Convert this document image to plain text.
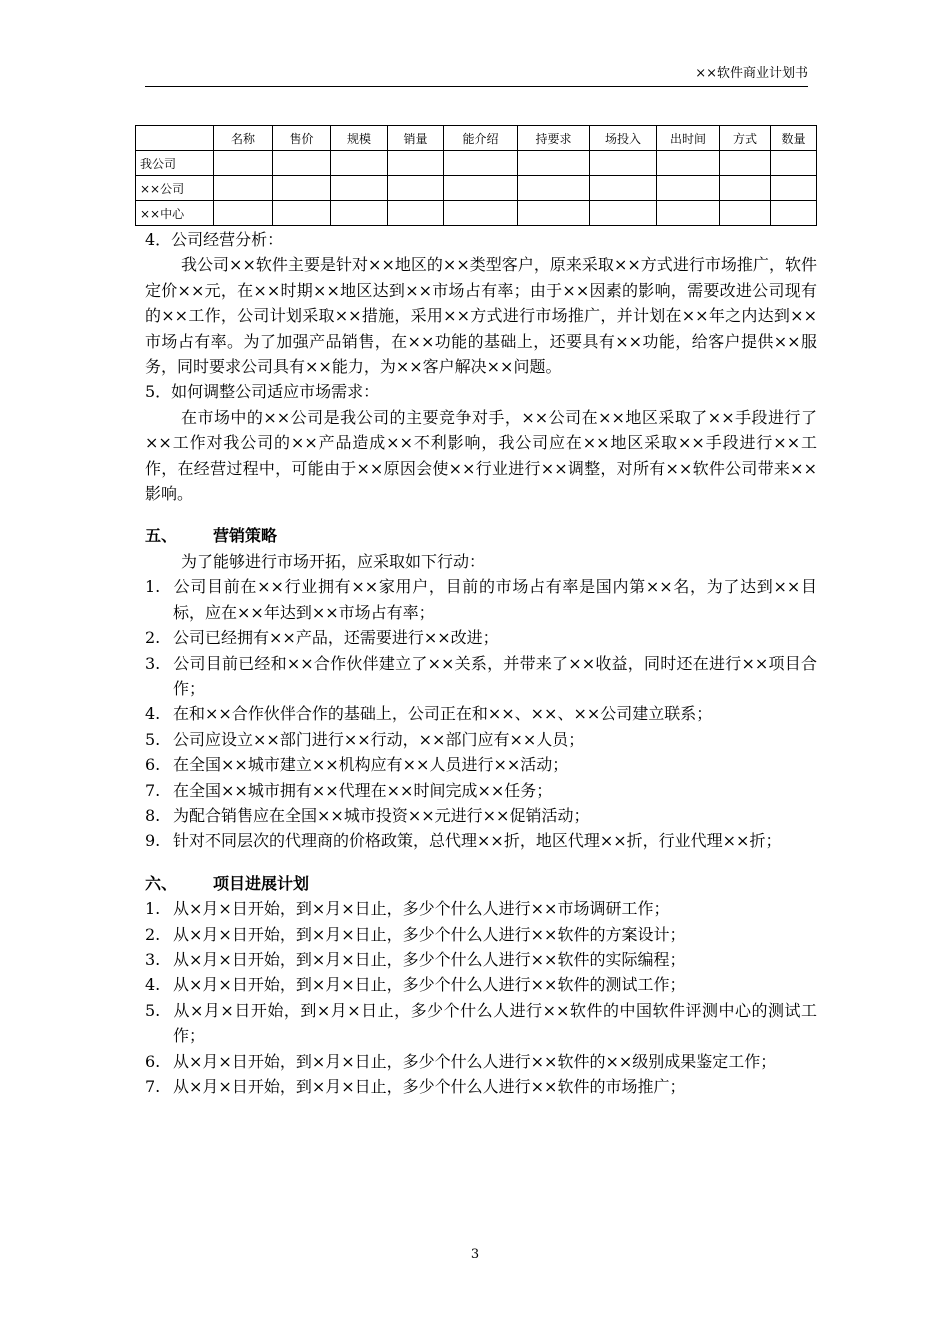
××软件商业计划书
	名称	售价	规模	销量	能介绍	持要求	场投入	出时间	方式	数量
我公司										
××公司										
××中心										

4．公司经营分析：

我公司××软件主要是针对××地区的××类型客户，原来采取××方式进行市场推广，软件定价××元，在××时期××地区达到××市场占有率；由于××因素的影响，需要改进公司现有的××工作，公司计划采取××措施，采用××方式进行市场推广，并计划在××年之内达到××市场占有率。为了加强产品销售，在××功能的基础上，还要具有××功能，给客户提供××服务，同时要求公司具有××能力，为××客户解决××问题。

5．如何调整公司适应市场需求：

在市场中的××公司是我公司的主要竞争对手，××公司在××地区采取了××手段进行了××工作对我公司的××产品造成××不利影响，我公司应在××地区采取××手段进行××工作，在经营过程中，可能由于××原因会使××行业进行××调整，对所有××软件公司带来××影响。

五、 营销策略

为了能够进行市场开拓，应采取如下行动：

1. 公司目前在××行业拥有××家用户，目前的市场占有率是国内第××名，为了达到××目标，应在××年达到××市场占有率；

2. 公司已经拥有××产品，还需要进行××改进；

3. 公司目前已经和××合作伙伴建立了××关系，并带来了××收益，同时还在进行××项目合作；

4. 在和××合作伙伴合作的基础上，公司正在和××、××、××公司建立联系；

5. 公司应设立××部门进行××行动，××部门应有××人员；

6. 在全国××城市建立××机构应有××人员进行××活动；

7. 在全国××城市拥有××代理在××时间完成××任务；

8. 为配合销售应在全国××城市投资××元进行××促销活动；

9. 针对不同层次的代理商的价格政策，总代理××折，地区代理××折，行业代理××折；

六、 项目进展计划

1. 从×月×日开始，到×月×日止，多少个什么人进行××市场调研工作；

2. 从×月×日开始，到×月×日止，多少个什么人进行××软件的方案设计；

3. 从×月×日开始，到×月×日止，多少个什么人进行××软件的实际编程；

4. 从×月×日开始，到×月×日止，多少个什么人进行××软件的测试工作；

5. 从×月×日开始，到×月×日止，多少个什么人进行××软件的中国软件评测中心的测试工作；

6. 从×月×日开始，到×月×日止，多少个什么人进行××软件的××级别成果鉴定工作；

7. 从×月×日开始，到×月×日止，多少个什么人进行××软件的市场推广；

3
